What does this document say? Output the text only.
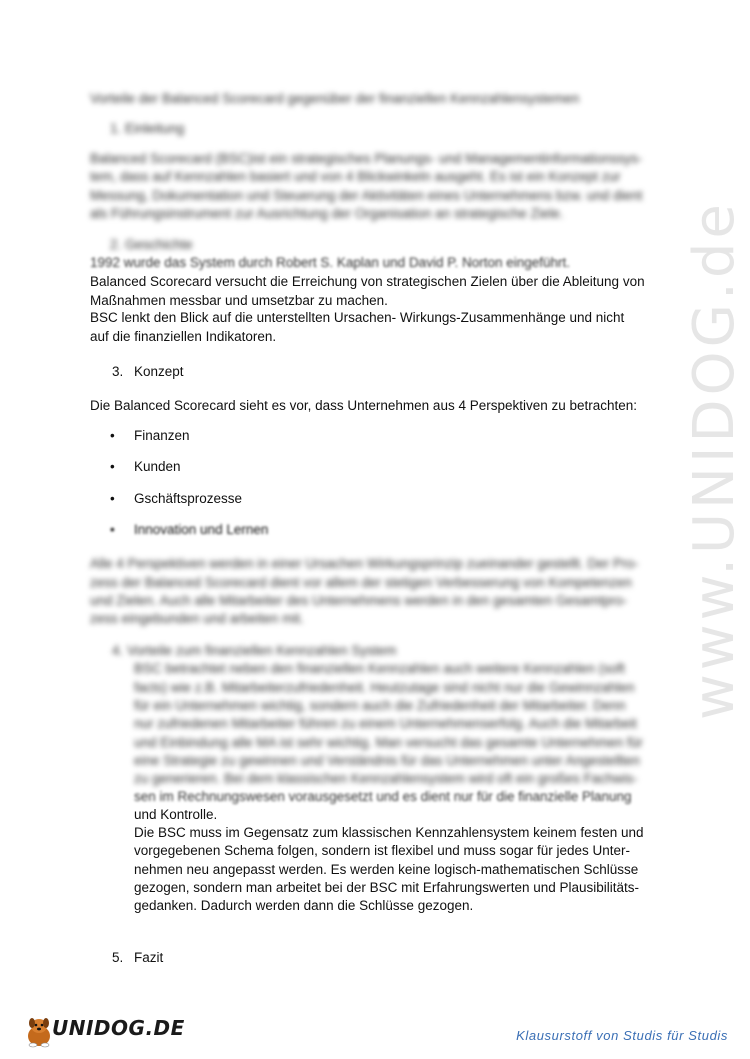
www.UNIDOG.de
Vorteile der Balanced Scorecard gegenüber der finanziellen Kennzahlensystemen
1. Einleitung
Balanced Scorecard (BSC)ist ein strategisches Planungs- und Managementinformationssys-
tem, dass auf Kennzahlen basiert und von 4 Blickwinkeln ausgeht. Es ist ein Konzept zur
Messung, Dokumentation und Steuerung der Aktivitäten eines Unternehmens bzw. und dient
als Führungsinstrument zur Ausrichtung der Organisation an strategische Ziele.
2. Geschichte
1992 wurde das System durch Robert S. Kaplan und David P. Norton eingeführt.
Balanced Scorecard versucht die Erreichung von strategischen Zielen über die Ableitung von
Maßnahmen messbar und umsetzbar zu machen.
BSC lenkt den Blick auf die unterstellten Ursachen- Wirkungs-Zusammenhänge und nicht
auf die finanziellen Indikatoren.
3. Konzept
Die Balanced Scorecard sieht es vor, dass Unternehmen aus 4 Perspektiven zu betrachten:
• Finanzen
• Kunden
• Gschäftsprozesse
• Innovation und Lernen
Alle 4 Perspektiven werden in einer Ursachen Wirkungsprinzip zueinander gestellt. Der Pro-
zess der Balanced Scorecard dient vor allem der stetigen Verbesserung von Kompetenzen
und Zielen. Auch alle Mitarbeiter des Unternehmens werden in den gesamten Gesamtpro-
zess eingebunden und arbeiten mit.
4. Vorteile zum finanziellen Kennzahlen System
BSC betrachtet neben den finanziellen Kennzahlen auch weitere Kennzahlen (soft
facts) wie z.B. Mitarbeiterzufriedenheit. Heutzutage sind nicht nur die Gewinnzahlen
für ein Unternehmen wichtig, sondern auch die Zufriedenheit der Mitarbeiter. Denn
nur zufriedenen Mitarbeiter führen zu einem Unternehmenserfolg. Auch die Mitarbeit
und Einbindung alle MA ist sehr wichtig. Man versucht das gesamte Unternehmen für
eine Strategie zu gewinnen und Verständnis für das Unternehmen unter Angestellten
zu generieren. Bei dem klassischen Kennzahlensystem wird oft ein großes Fachwis-
sen im Rechnungswesen vorausgesetzt und es dient nur für die finanzielle Planung
und Kontrolle.
Die BSC muss im Gegensatz zum klassischen Kennzahlensystem keinem festen und
vorgegebenen Schema folgen, sondern ist flexibel und muss sogar für jedes Unter-
nehmen neu angepasst werden. Es werden keine logisch-mathematischen Schlüsse
gezogen, sondern man arbeitet bei der BSC mit Erfahrungswerten und Plausibilitäts-
gedanken. Dadurch werden dann die Schlüsse gezogen.
5. Fazit
UNIDOG.DE	Klausurstoff von Studis für Studis
